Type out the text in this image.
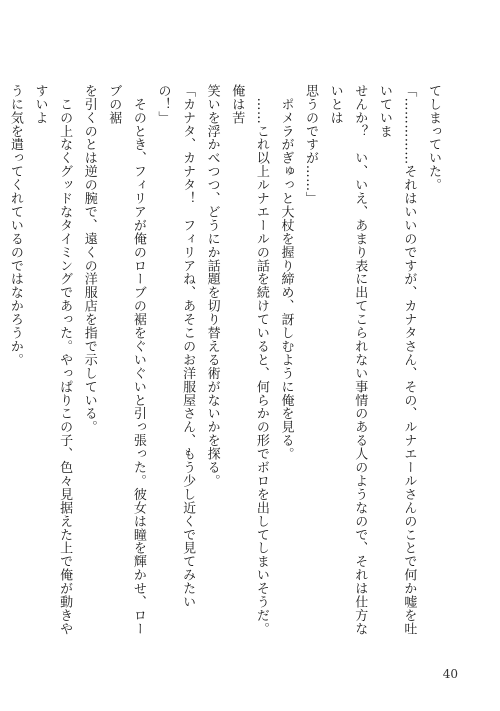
てしまっていた。

「……………それはいいのですが、カナタさん、その、ルナエールさんのことで何か嘘を吐いていま

せんか？　い、いえ、あまり表に出てこられない事情のある人のようなので、それは仕方ないとは

思うのですが……」

　ポメラがぎゅっと大杖を握り締め、訝しむように俺を見る。

　……これ以上ルナエールの話を続けていると、何らかの形でボロを出してしまいそうだ。俺は苦

笑いを浮かべつつ、どうにか話題を切り替える術がないかを探る。

「カナタ、カナタ！　フィリアね、あそこのお洋服屋さん、もう少し近くで見てみたいの！」

　そのとき、フィリアが俺のローブの裾をぐいぐいと引っ張った。彼女は瞳を輝かせ、ローブの裾

を引くのとは逆の腕で、遠くの洋服店を指で示している。

　この上なくグッドなタイミングであった。やっぱりこの子、色々見据えた上で俺が動きやすいよ

うに気を遣ってくれているのではなかろうか。

40
